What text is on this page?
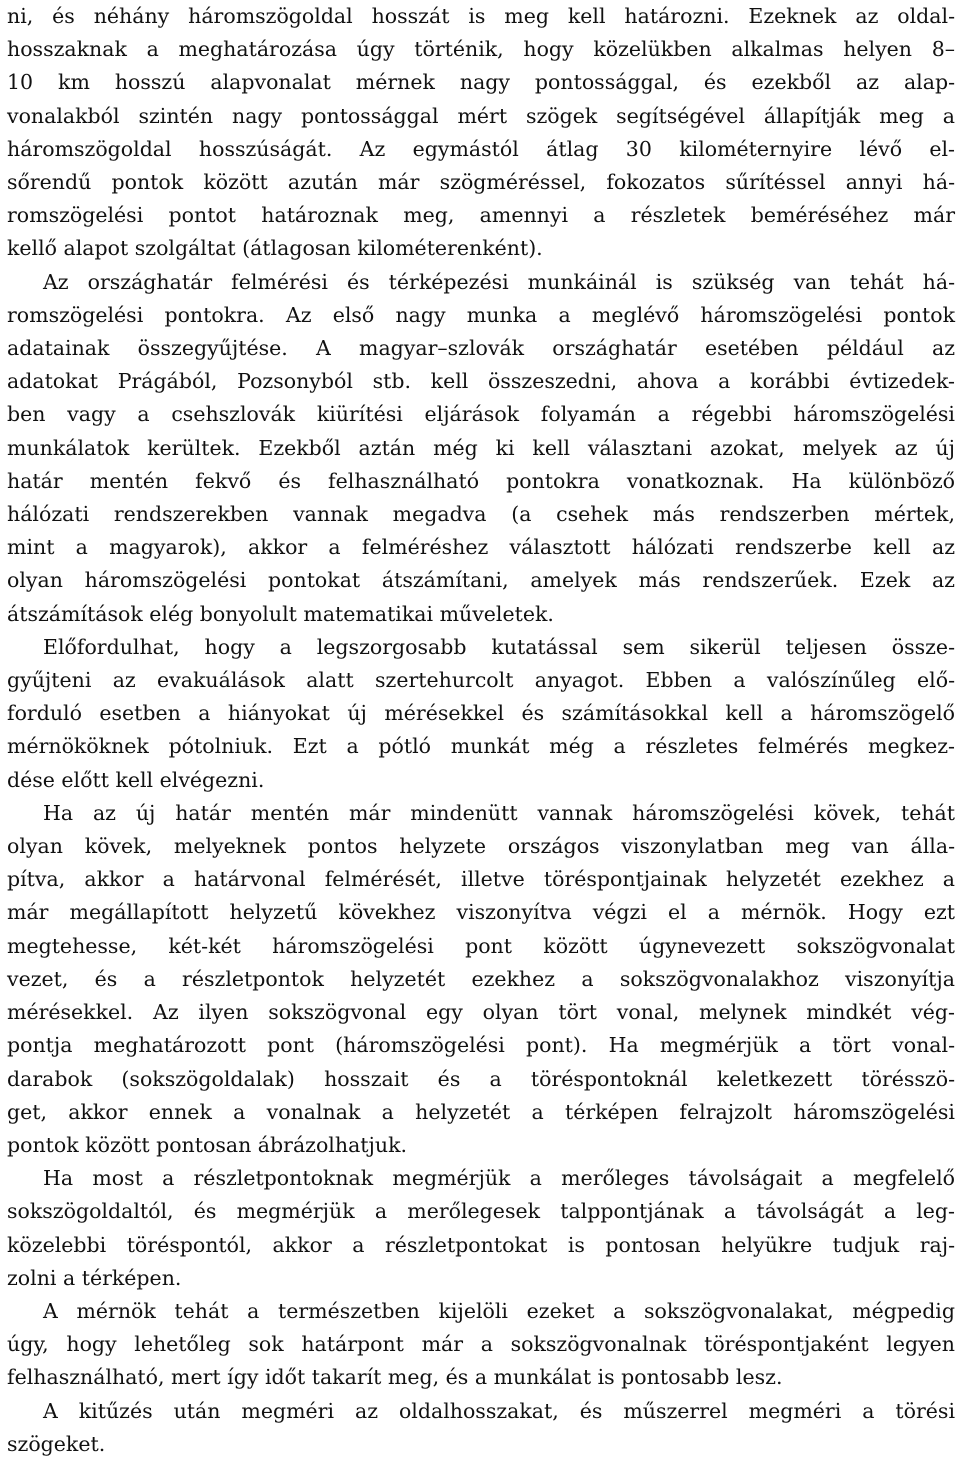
ni, és néhány háromszögoldal hosszát is meg kell határozni. Ezeknek az oldal-
hosszaknak a meghatározása úgy történik, hogy közelükben alkalmas helyen 8–
10 km hosszú alapvonalat mérnek nagy pontossággal, és ezekből az alap-
vonalakból szintén nagy pontossággal mért szögek segítségével állapítják meg a
háromszögoldal hosszúságát. Az egymástól átlag 30 kilométernyire lévő el-
sőrendű pontok között azután már szögméréssel, fokozatos sűrítéssel annyi há-
romszögelési pontot határoznak meg, amennyi a részletek beméréséhez már
kellő alapot szolgáltat (átlagosan kilométerenként).

Az országhatár felmérési és térképezési munkáinál is szükség van tehát há-
romszögelési pontokra. Az első nagy munka a meglévő háromszögelési pontok
adatainak összegyűjtése. A magyar–szlovák országhatár esetében például az
adatokat Prágából, Pozsonyból stb. kell összeszedni, ahova a korábbi évtizedek-
ben vagy a csehszlovák kiürítési eljárások folyamán a régebbi háromszögelési
munkálatok kerültek. Ezekből aztán még ki kell választani azokat, melyek az új
határ mentén fekvő és felhasználható pontokra vonatkoznak. Ha különböző
hálózati rendszerekben vannak megadva (a csehek más rendszerben mértek,
mint a magyarok), akkor a felméréshez választott hálózati rendszerbe kell az
olyan háromszögelési pontokat átszámítani, amelyek más rendszerűek. Ezek az
átszámítások elég bonyolult matematikai műveletek.

Előfordulhat, hogy a legszorgosabb kutatással sem sikerül teljesen össze-
gyűjteni az evakuálások alatt szertehurcolt anyagot. Ebben a valószínűleg elő-
forduló esetben a hiányokat új mérésekkel és számításokkal kell a háromszögelő
mérnököknek pótolniuk. Ezt a pótló munkát még a részletes felmérés megkez-
dése előtt kell elvégezni.

Ha az új határ mentén már mindenütt vannak háromszögelési kövek, tehát
olyan kövek, melyeknek pontos helyzete országos viszonylatban meg van álla-
pítva, akkor a határvonal felmérését, illetve töréspontjainak helyzetét ezekhez a
már megállapított helyzetű kövekhez viszonyítva végzi el a mérnök. Hogy ezt
megtehesse, két-két háromszögelési pont között úgynevezett sokszögvonalat
vezet, és a részletpontok helyzetét ezekhez a sokszögvonalakhoz viszonyítja
mérésekkel. Az ilyen sokszögvonal egy olyan tört vonal, melynek mindkét vég-
pontja meghatározott pont (háromszögelési pont). Ha megmérjük a tört vonal-
darabok (sokszögoldalak) hosszait és a töréspontoknál keletkezett törésszö-
get, akkor ennek a vonalnak a helyzetét a térképen felrajzolt háromszögelési
pontok között pontosan ábrázolhatjuk.

Ha most a részletpontoknak megmérjük a merőleges távolságait a megfelelő
sokszögoldaltól, és megmérjük a merőlegesek talppontjának a távolságát a leg-
közelebbi töréspontól, akkor a részletpontokat is pontosan helyükre tudjuk raj-
zolni a térképen.

A mérnök tehát a természetben kijelöli ezeket a sokszögvonalakat, mégpedig
úgy, hogy lehetőleg sok határpont már a sokszögvonalnak töréspontjaként legyen
felhasználható, mert így időt takarít meg, és a munkálat is pontosabb lesz.

A kitűzés után megméri az oldalhosszakat, és műszerrel megméri a törési
szögeket.
